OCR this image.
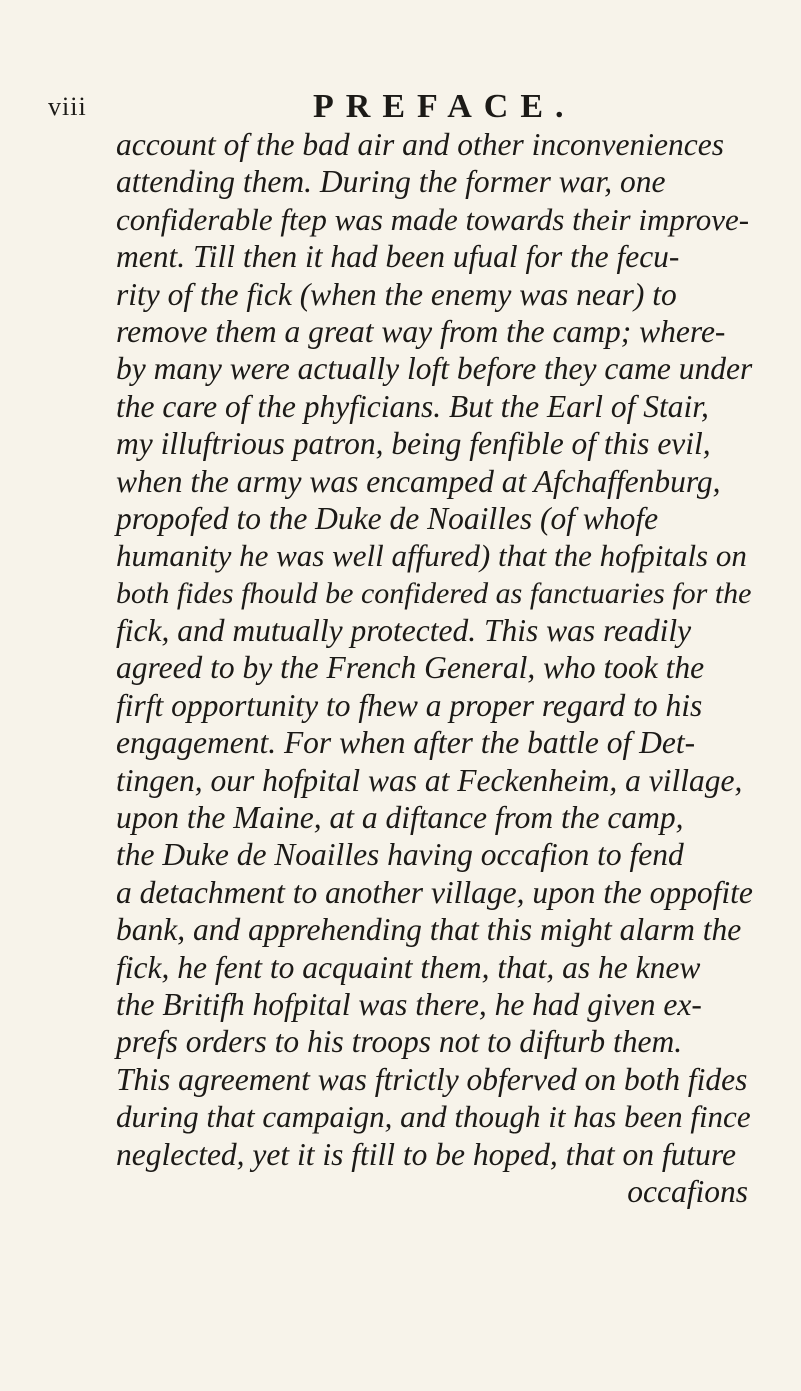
viii	PREFACE.
account of the bad air and other inconveniences
attending them. During the former war, one
confiderable ftep was made towards their improve-
ment. Till then it had been ufual for the fecu-
rity of the fick (when the enemy was near) to
remove them a great way from the camp; where-
by many were actually loft before they came under
the care of the phyficians. But the Earl of Stair,
my illuftrious patron, being fenfible of this evil,
when the army was encamped at Afchaffenburg,
propofed to the Duke de Noailles (of whofe
humanity he was well affured) that the hofpitals on
both fides fhould be confidered as fanctuaries for the
fick, and mutually protected. This was readily
agreed to by the French General, who took the
firft opportunity to fhew a proper regard to his
engagement. For when after the battle of Det-
tingen, our hofpital was at Feckenheim, a village,
upon the Maine, at a diftance from the camp,
the Duke de Noailles having occafion to fend
a detachment to another village, upon the oppofite
bank, and apprehending that this might alarm the
fick, he fent to acquaint them, that, as he knew
the Britifh hofpital was there, he had given ex-
prefs orders to his troops not to difturb them.
This agreement was ftrictly obferved on both fides
during that campaign, and though it has been fince
neglected, yet it is ftill to be hoped, that on future
occafions
